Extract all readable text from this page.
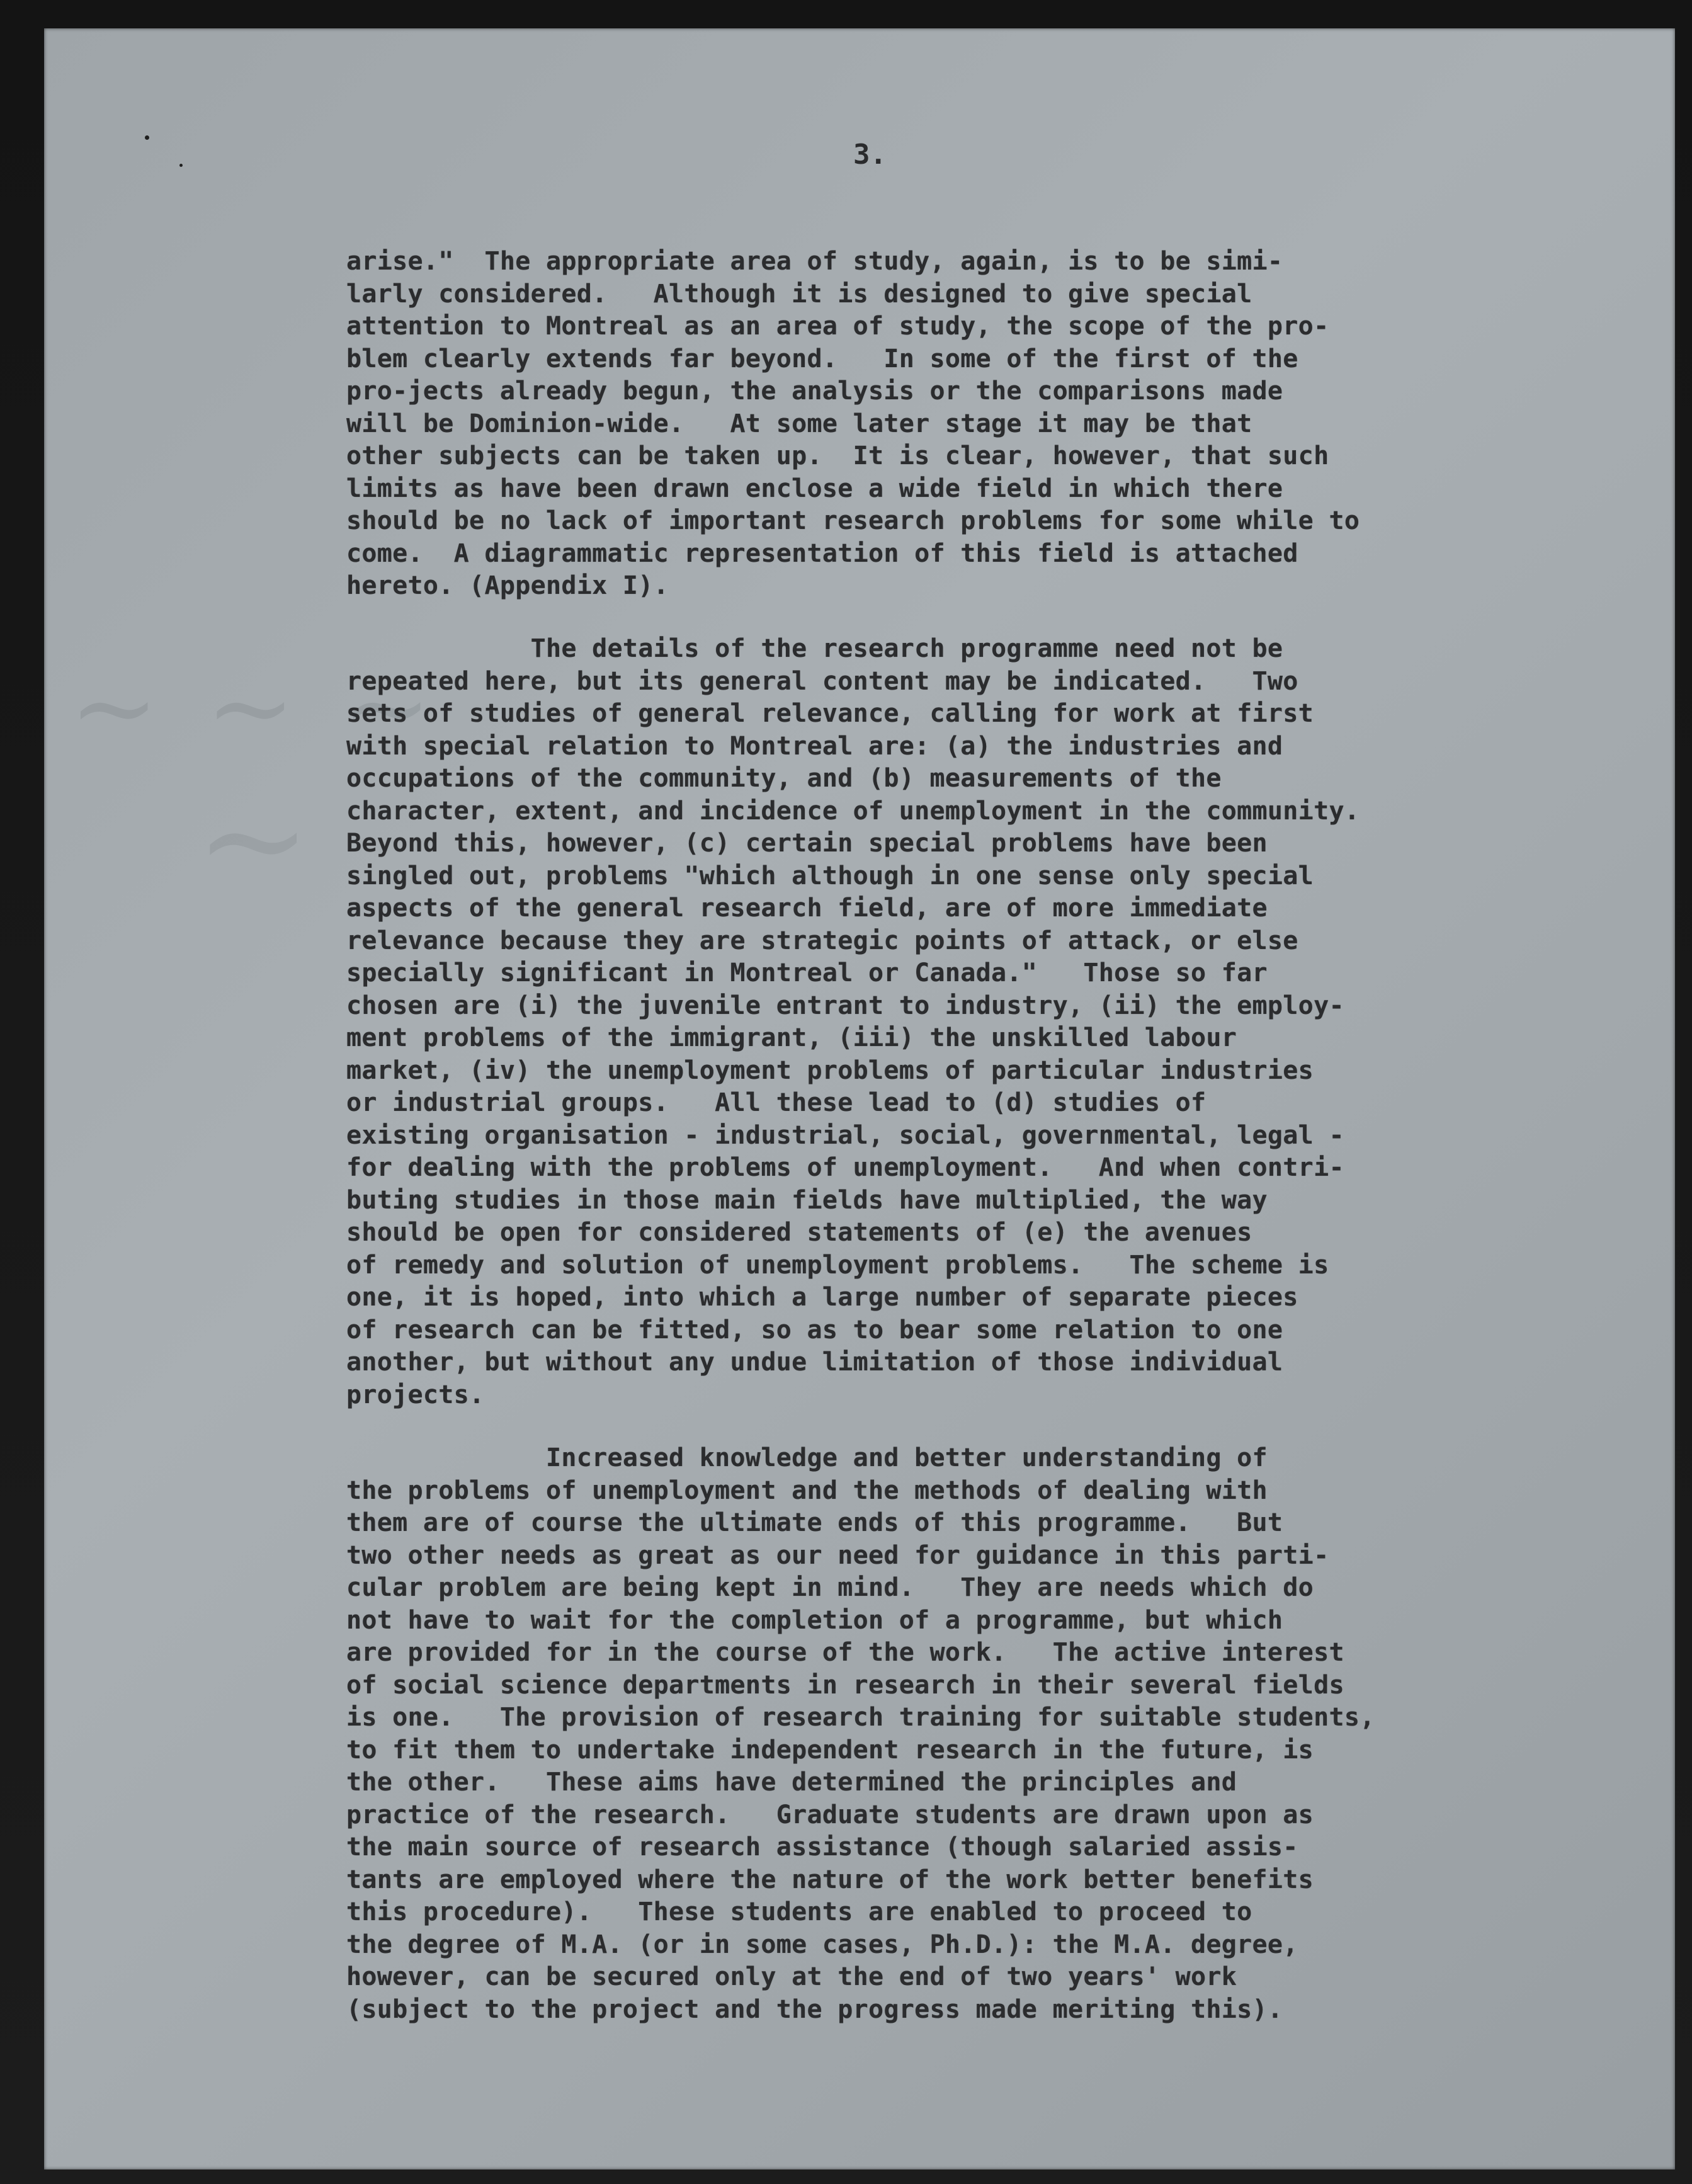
~ ~ ~
~
3.
arise."  The appropriate area of study, again, is to be simi-
larly considered.   Although it is designed to give special
attention to Montreal as an area of study, the scope of the pro-
blem clearly extends far beyond.   In some of the first of the
pro-jects already begun, the analysis or the comparisons made
will be Dominion-wide.   At some later stage it may be that
other subjects can be taken up.  It is clear, however, that such
limits as have been drawn enclose a wide field in which there
should be no lack of important research problems for some while to
come.  A diagrammatic representation of this field is attached
hereto. (Appendix I).
The details of the research programme need not be
repeated here, but its general content may be indicated.   Two
sets of studies of general relevance, calling for work at first
with special relation to Montreal are: (a) the industries and
occupations of the community, and (b) measurements of the
character, extent, and incidence of unemployment in the community.
Beyond this, however, (c) certain special problems have been
singled out, problems "which although in one sense only special
aspects of the general research field, are of more immediate
relevance because they are strategic points of attack, or else
specially significant in Montreal or Canada."   Those so far
chosen are (i) the juvenile entrant to industry, (ii) the employ-
ment problems of the immigrant, (iii) the unskilled labour
market, (iv) the unemployment problems of particular industries
or industrial groups.   All these lead to (d) studies of
existing organisation - industrial, social, governmental, legal -
for dealing with the problems of unemployment.   And when contri-
buting studies in those main fields have multiplied, the way
should be open for considered statements of (e) the avenues
of remedy and solution of unemployment problems.   The scheme is
one, it is hoped, into which a large number of separate pieces
of research can be fitted, so as to bear some relation to one
another, but without any undue limitation of those individual
projects.
Increased knowledge and better understanding of
the problems of unemployment and the methods of dealing with
them are of course the ultimate ends of this programme.   But
two other needs as great as our need for guidance in this parti-
cular problem are being kept in mind.   They are needs which do
not have to wait for the completion of a programme, but which
are provided for in the course of the work.   The active interest
of social science departments in research in their several fields
is one.   The provision of research training for suitable students,
to fit them to undertake independent research in the future, is
the other.   These aims have determined the principles and
practice of the research.   Graduate students are drawn upon as
the main source of research assistance (though salaried assis-
tants are employed where the nature of the work better benefits
this procedure).   These students are enabled to proceed to
the degree of M.A. (or in some cases, Ph.D.): the M.A. degree,
however, can be secured only at the end of two years' work
(subject to the project and the progress made meriting this).
